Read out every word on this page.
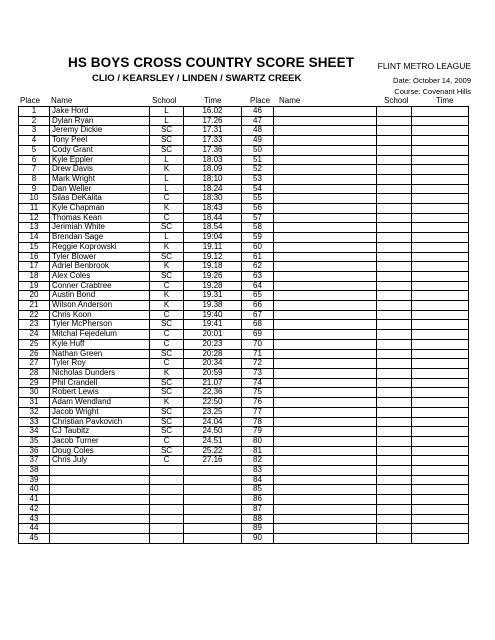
HS BOYS CROSS COUNTRY SCORE SHEET
CLIO / KEARSLEY / LINDEN / SWARTZ CREEK
FLINT METRO LEAGUE
Date: October 14, 2009
Course: Covenant Hills
Place Name	School	Time	Place Name	School	Time
1	Jake Hord	L	16.02	46			
2	Dylan Ryan	L	17.26	47			
3	Jeremy Dickie	SC	17.31	48			
4	Tony Peel	SC	17.33	49			
5	Cody Grant	SC	17.36	50			
6	Kyle Eppler	L	18.03	51			
7	Drew Davis	K	18.09	52			
8	Mark Wright	L	18:10	53			
9	Dan Weller	L	18.24	54			
10	Silas DeKalita	C	18:30	55			
11	Kyle Chapman	K	18:43	56			
12	Thomas Kean	C	18.44	57			
13	Jerimiah White	SC	18.54	58			
14	Brendan Sage	L	19:04	59			
15	Reggie Koprowski	K	19.11	60			
16	Tyler Blower	SC	19.12	61			
17	Adriel Benbrook	K	19.18	62			
18	Alex Coles	SC	19.26	63			
19	Conner Crabtree	C	19.28	64			
20	Austin Bond	K	19.31	65			
21	Wilson Anderson	K	19.38	66			
22	Chris Koon	C	19:40	67			
23	Tyler McPherson	SC	19:41	68			
24	Mitchal Fejedelum	C	20:01	69			
25	Kyle Huff	C	20:23	70			
26	Nathan Green	SC	20:28	71			
27	Tyler Roy	C	20:34	72			
28	Nicholas Dunders	K	20:59	73			
29	Phil Crandell	SC	21.07	74			
30	Robert Lewis	SC	22.36	75			
31	Adam Wendland	K	22:50	76			
32	Jacob Wright	SC	23.25	77			
33	Christian Pavkovich	SC	24.04	78			
34	CJ Taubitz	SC	24.50	79			
35	Jacob Turner	C	24.51	80			
36	Doug Coles	SC	25.22	81			
37	Chris July	C	27.16	82			
38				83			
39				84			
40				85			
41				86			
42				87			
43				88			
44				89			
45				90			
